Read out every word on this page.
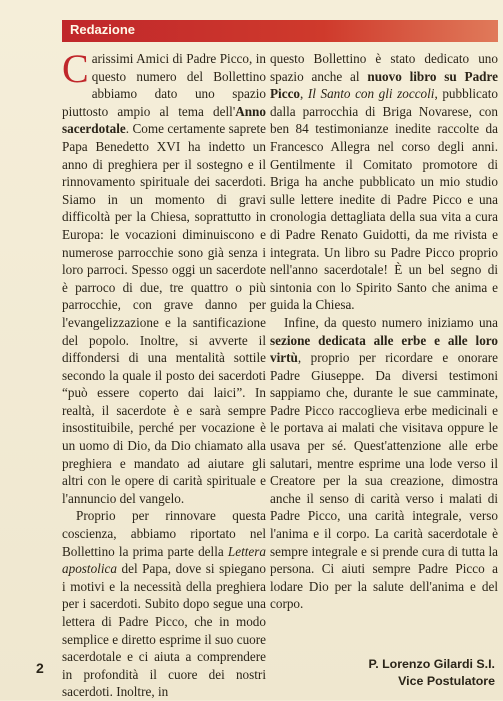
Redazione

Carissimi Amici di Padre Picco, in questo numero del Bollettino abbiamo dato uno spazio piuttosto ampio al tema dell'Anno sacerdotale. Come certamente saprete Papa Benedetto XVI ha indetto un anno di preghiera per il sostegno e il rinnovamento spirituale dei sacerdoti. Siamo in un momento di gravi difficoltà per la Chiesa, soprattutto in Europa: le vocazioni diminuiscono e numerose parrocchie sono già senza i loro parroci. Spesso oggi un sacerdote è parroco di due, tre quattro o più parrocchie, con grave danno per l'evangelizzazione e la santificazione del popolo. Inoltre, si avverte il diffondersi di una mentalità sottile secondo la quale il posto dei sacerdoti “può essere coperto dai laici”. In realtà, il sacerdote è e sarà sempre insostituibile, perché per vocazione è un uomo di Dio, da Dio chiamato alla preghiera e mandato ad aiutare gli altri con le opere di carità spirituale e l'annuncio del vangelo.

Proprio per rinnovare questa coscienza, abbiamo riportato nel Bollettino la prima parte della Lettera apostolica del Papa, dove si spiegano i motivi e la necessità della preghiera per i sacerdoti. Subito dopo segue una lettera di Padre Picco, che in modo semplice e diretto esprime il suo cuore sacerdotale e ci aiuta a comprendere in profondità il cuore dei nostri sacerdoti. Inoltre, in

questo Bollettino è stato dedicato uno spazio anche al nuovo libro su Padre Picco, Il Santo con gli zoccoli, pubblicato dalla parrocchia di Briga Novarese, con ben 84 testimonianze inedite raccolte da Francesco Allegra nel corso degli anni. Gentilmente il Comitato promotore di Briga ha anche pubblicato un mio studio sulle lettere inedite di Padre Picco e una cronologia dettagliata della sua vita a cura di Padre Renato Guidotti, da me rivista e integrata. Un libro su Padre Picco proprio nell'anno sacerdotale! È un bel segno di sintonia con lo Spirito Santo che anima e guida la Chiesa.

Infine, da questo numero iniziamo una sezione dedicata alle erbe e alle loro virtù, proprio per ricordare e onorare Padre Giuseppe. Da diversi testimoni sappiamo che, durante le sue camminate, Padre Picco raccoglieva erbe medicinali e le portava ai malati che visitava oppure le usava per sé. Quest'attenzione alle erbe salutari, mentre esprime una lode verso il Creatore per la sua creazione, dimostra anche il senso di carità verso i malati di Padre Picco, una carità integrale, verso l'anima e il corpo. La carità sacerdotale è sempre integrale e si prende cura di tutta la persona. Ci aiuti sempre Padre Picco a lodare Dio per la salute dell'anima e del corpo.

P. Lorenzo Gilardi S.I.
Vice Postulatore
2
